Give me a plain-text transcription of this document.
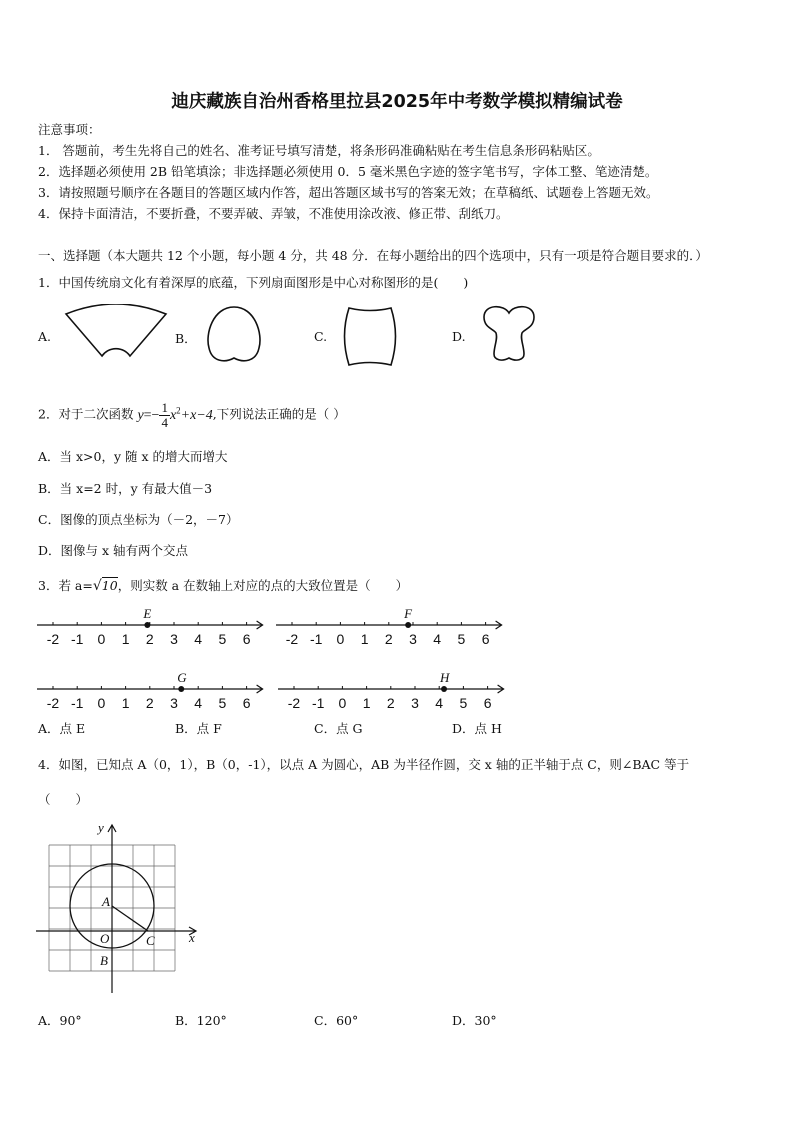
迪庆藏族自治州香格里拉县2025年中考数学模拟精编试卷
注意事项：
1． 答题前，考生先将自己的姓名、准考证号填写清楚，将条形码准确粘贴在考生信息条形码粘贴区。
2．选择题必须使用 2B 铅笔填涂；非选择题必须使用 0．5 毫米黑色字迹的签字笔书写，字体工整、笔迹清楚。
3．请按照题号顺序在各题目的答题区域内作答，超出答题区域书写的答案无效；在草稿纸、试题卷上答题无效。
4．保持卡面清洁，不要折叠，不要弄破、弄皱，不准使用涂改液、修正带、刮纸刀。
一、选择题（本大题共 12 个小题，每小题 4 分，共 48 分．在每小题给出的四个选项中，只有一项是符合题目要求的．）
1．中国传统扇文化有着深厚的底蕴，下列扇面图形是中心对称图形的是(　　)
A.	B．	C.	D.
2．对于二次函数 $y=- \frac{1}{4} x^2+x-4$,下列说法正确的是（ ）
A．当 x>0，y 随 x 的增大而增大
B．当 x=2 时，y 有最大值－3
C．图像的顶点坐标为（－2，－7）
D．图像与 x 轴有两个交点
3．若 a=√10，则实数 a 在数轴上对应的点的大致位置是（　　）
-2 -1 0 1 2 3 4 5 6
E
-2 -1 0 1 2 3 4 5 6
F
-2 -1 0 1 2 3 4 5 6
G
-2 -1 0 1 2 3 4 5 6
H
A．点 E	B．点 F	C．点 G	D．点 H
4．如图，已知点 A（0，1），B（0，-1），以点 A 为圆心，AB 为半径作圆，交 x 轴的正半轴于点 C，则∠BAC 等于
（　　）
y
x
A
O
B
C
A．90°	B．120°	C．60°	D．30°
